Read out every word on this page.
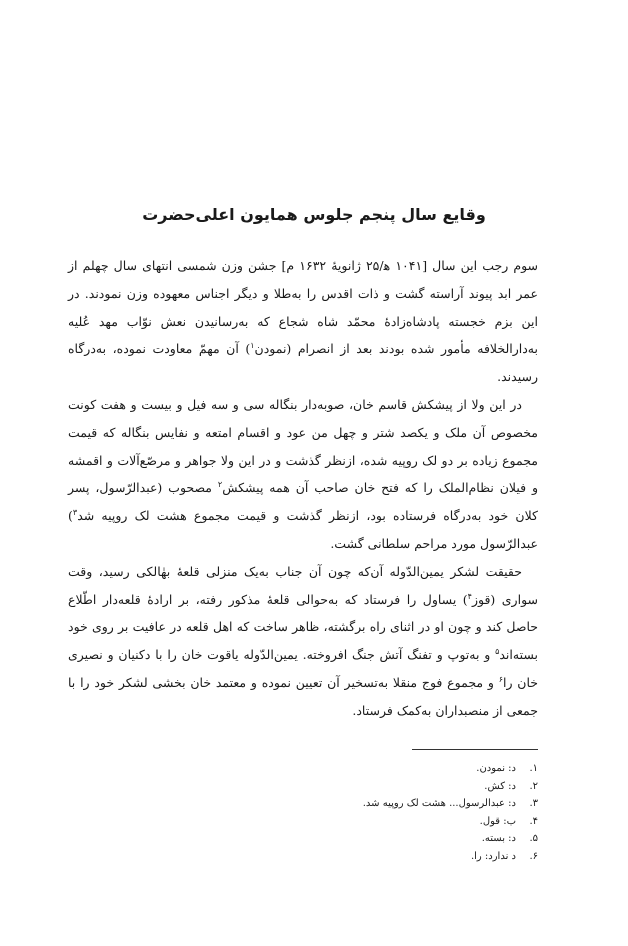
وقایع سال پنجم جلوس همایون اعلی‌حضرت

سوم رجب این سال [۱۰۴۱ ه‍/۲۵ ژانویهٔ ۱۶۳۲ م] جشن وزن شمسی انتهای سال چهلم از عمر ابد پیوند آراسته گشت و ذات اقدس را به‌طلا و دیگر اجناس معهوده وزن نمودند. در این بزم خجسته پادشاه‌زادهٔ محمّد شاه شجاع که به‌رسانیدن نعش نوّاب مهد عُلیه به‌دارالخلافه مأمور شده بودند بعد از انصرام (نمودن$^۱$) آن مهمّ معاودت نموده، به‌درگاه رسیدند.

در این ولا از پیشکش قاسم خان، صوبه‌دار بنگاله سی و سه فیل و بیست و هفت کونت مخصوص آن ملک و یکصد شتر و چهل من عود و اقسام امتعه و نفایس بنگاله که قیمت مجموع زیاده بر دو لک روپیه شده، ازنظر گذشت و در این ولا جواهر و مرصّع‌آلات و اقمشه و فیلان نظام‌الملک را که فتح خان صاحب آن همه پیشکش$^۲$ مصحوب (عبدالرّسول، پسر کلان خود به‌درگاه فرستاده بود، ازنظر گذشت و قیمت مجموع هشت لک روپیه شد$^۳$) عبدالرّسول مورد مراحم سلطانی گشت.

حقیقت لشکر یمین‌الدّوله آن‌که چون آن جناب به‌یک منزلی قلعهٔ بهٰالکی رسید، وقت سواری (قوز$^۴$) یساول را فرستاد که به‌حوالی قلعهٔ مذکور رفته، بر ارادهٔ قلعه‌دار اطّلاع حاصل کند و چون او در اثنای راه برگشته، ظاهر ساخت که اهل قلعه در عافیت بر روی خود بسته‌اند$^۵$ و به‌توپ و تفنگ آتش جنگ افروخته. یمین‌الدّوله یاقوت خان را با دکنیان و نصیری خان را$^۶$ و مجموع فوج منقلا به‌تسخیر آن تعیین نموده و معتمد خان بخشی لشکر خود را با جمعی از منصبداران به‌کمک فرستاد.

۱.
د: نمودن.
۲.
د: کش.
۳.
د: عبدالرسول... هشت لک روپیه شد.
۴.
ب: قول.
۵.
د: بسته.
۶.
د ندارد: را.
